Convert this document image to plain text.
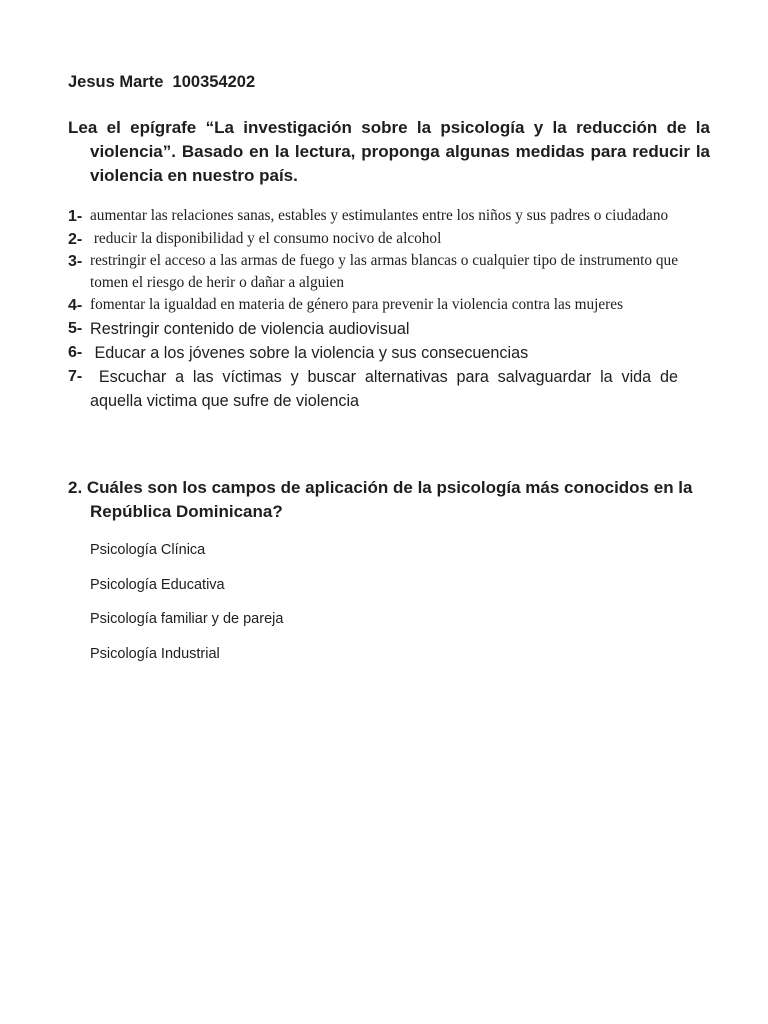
Jesus Marte  100354202
Lea el epígrafe “La investigación sobre la psicología y la reducción de la violencia”. Basado en la lectura, proponga algunas medidas para reducir la violencia en nuestro país.
1- aumentar las relaciones sanas, estables y estimulantes entre los niños y sus padres o ciudadano
2- reducir la disponibilidad y el consumo nocivo de alcohol
3- restringir el acceso a las armas de fuego y las armas blancas o cualquier tipo de instrumento que tomen el riesgo de herir o dañar a alguien
4- fomentar la igualdad en materia de género para prevenir la violencia contra las mujeres
5- Restringir contenido de violencia audiovisual
6- Educar a los jóvenes sobre la violencia y sus consecuencias
7- Escuchar a las víctimas y buscar alternativas para salvaguardar la vida de aquella victima que sufre de violencia
2. Cuáles son los campos de aplicación de la psicología más conocidos en la República Dominicana?
Psicología Clínica
Psicología Educativa
Psicología familiar y de pareja
Psicología Industrial
